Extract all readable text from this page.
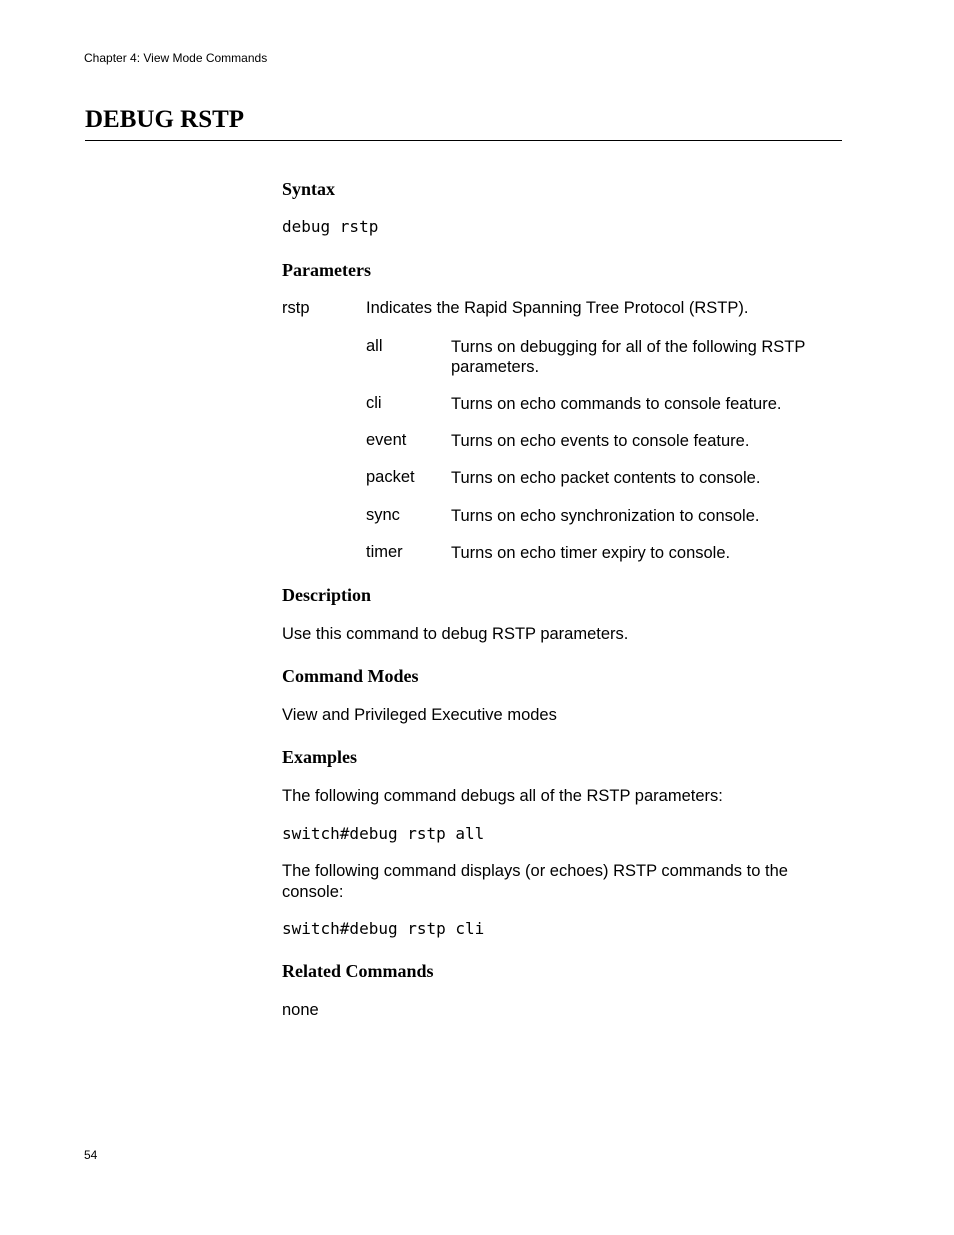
Chapter 4: View Mode Commands
DEBUG RSTP
Syntax
debug rstp
Parameters
rstp	Indicates the Rapid Spanning Tree Protocol (RSTP).
all	Turns on debugging for all of the following RSTP parameters.
cli	Turns on echo commands to console feature.
event	Turns on echo events to console feature.
packet Turns on echo packet contents to console.
sync	Turns on echo synchronization to console.
timer	Turns on echo timer expiry to console.
Description
Use this command to debug RSTP parameters.
Command Modes
View and Privileged Executive modes
Examples
The following command debugs all of the RSTP parameters:
switch#debug rstp all
The following command displays (or echoes) RSTP commands to the console:
switch#debug rstp cli
Related Commands
none
54
